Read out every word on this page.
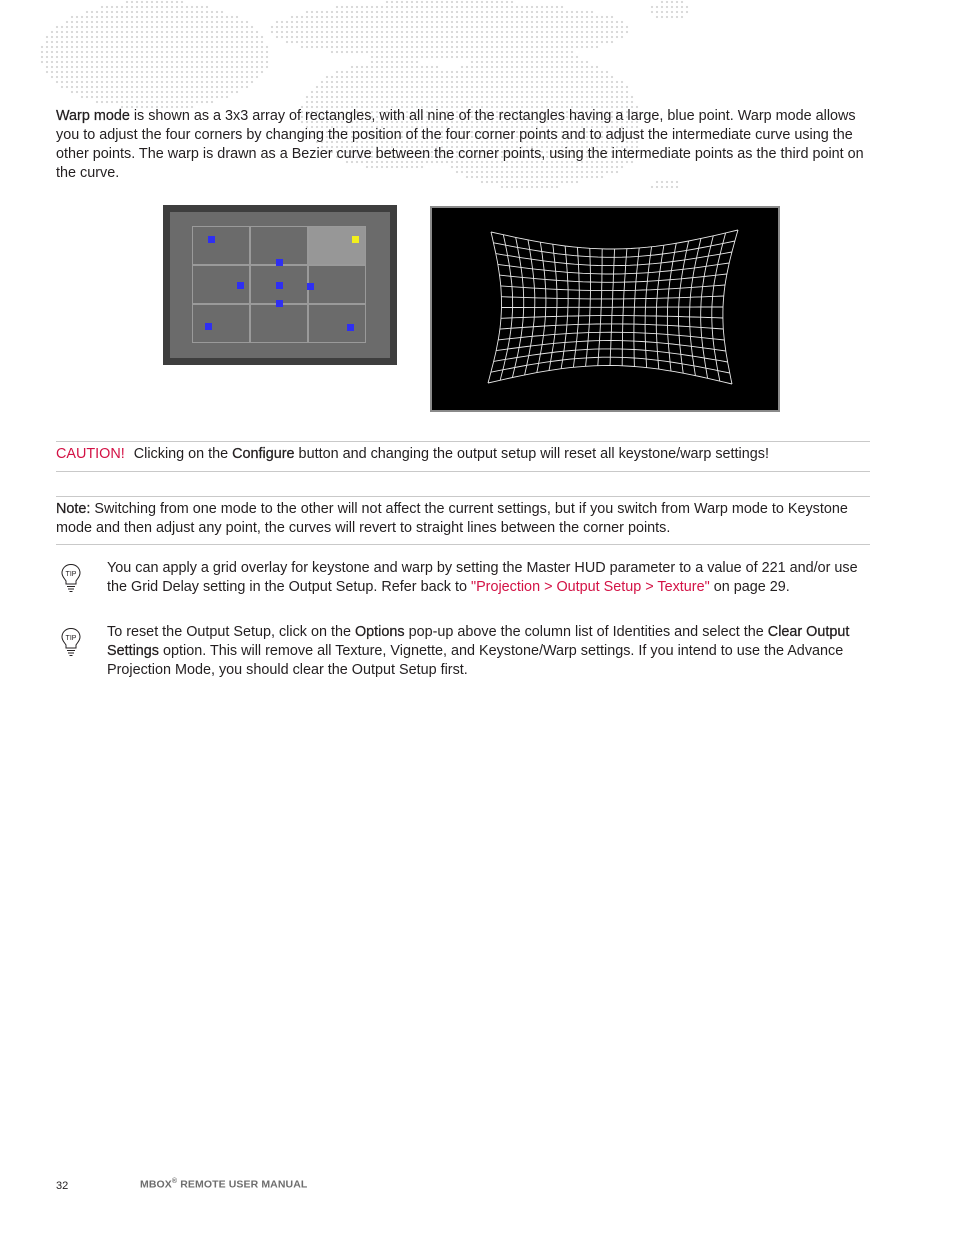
Warp mode is shown as a 3x3 array of rectangles, with all nine of the rectangles having a large, blue point. Warp mode allows you to adjust the four corners by changing the position of the four corner points and to adjust the intermediate curve using the other points. The warp is drawn as a Bezier curve between the corner points, using the intermediate points as the third point on the curve.

CAUTION! Clicking on the Configure button and changing the output setup will reset all keystone/warp settings!

Note: Switching from one mode to the other will not affect the current settings, but if you switch from Warp mode to Keystone mode and then adjust any point, the curves will revert to straight lines between the corner points.

TIP You can apply a grid overlay for keystone and warp by setting the Master HUD parameter to a value of 221 and/or use the Grid Delay setting in the Output Setup. Refer back to "Projection > Output Setup > Texture" on page 29.

TIP To reset the Output Setup, click on the Options pop-up above the column list of Identities and select the Clear Output Settings option. This will remove all Texture, Vignette, and Keystone/Warp settings. If you intend to use the Advance Projection Mode, you should clear the Output Setup first.

32	MBOX® REMOTE USER MANUAL
